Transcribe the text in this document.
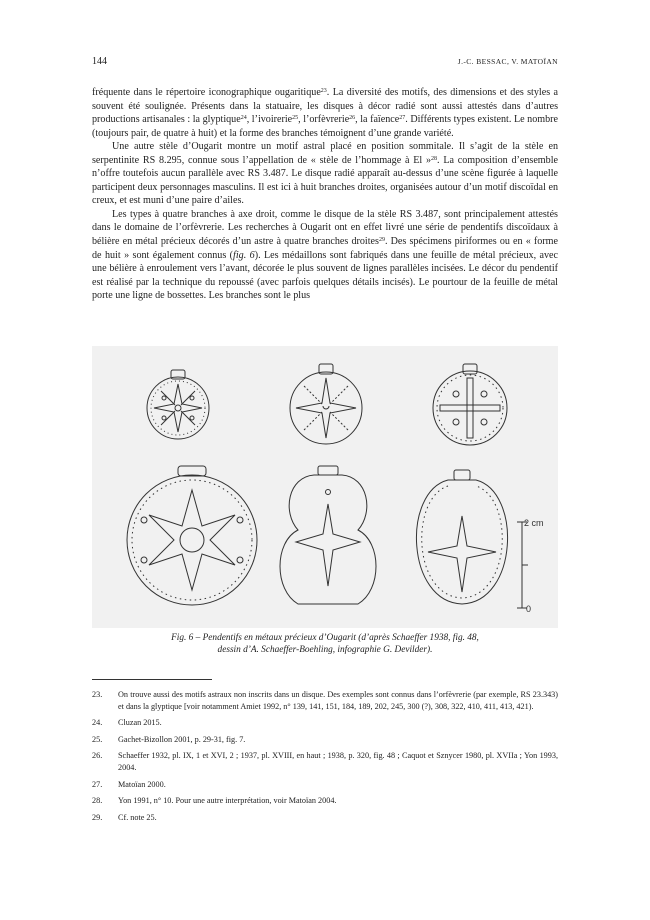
144	J.-C. BESSAC, V. MATOÏAN

fréquente dans le répertoire iconographique ougaritique$^{23}$. La diversité des motifs, des dimensions et des styles a souvent été soulignée. Présents dans la statuaire, les disques à décor radié sont aussi attestés dans d’autres productions artisanales : la glyptique$^{24}$, l’ivoirerie$^{25}$, l’orfèvrerie$^{26}$, la faïence$^{27}$. Différents types existent. Le nombre (toujours pair, de quatre à huit) et la forme des branches témoignent d’une grande variété.

Une autre stèle d’Ougarit montre un motif astral placé en position sommitale. Il s’agit de la stèle en serpentinite RS 8.295, connue sous l’appellation de « stèle de l’hommage à El »$^{28}$. La composition d’ensemble n’offre toutefois aucun parallèle avec RS 3.487. Le disque radié apparaît au-dessus d’une scène figurée à laquelle participent deux personnages masculins. Il est ici à huit branches droites, organisées autour d’un motif discoïdal en creux, et est muni d’une paire d’ailes.

Les types à quatre branches à axe droit, comme le disque de la stèle RS 3.487, sont principalement attestés dans le domaine de l’orfèvrerie. Les recherches à Ougarit ont en effet livré une série de pendentifs discoïdaux à bélière en métal précieux décorés d’un astre à quatre branches droites$^{29}$. Des spécimens piriformes ou en « forme de huit » sont également connus (fig. 6). Les médaillons sont fabriqués dans une feuille de métal précieux, avec une bélière à enroulement vers l’avant, décorée le plus souvent de lignes parallèles incisées. Le décor du pendentif est réalisé par la technique du repoussé (avec parfois quelques détails incisés). Le pourtour de la feuille de métal porte une ligne de bossettes. Les branches sont le plus

2 cm
0
Fig. 6 – Pendentifs en métaux précieux d’Ougarit (d’après Schaeffer 1938, fig. 48,
dessin d’A. Schaeffer-Boehling, infographie G. Devilder).
23.	On trouve aussi des motifs astraux non inscrits dans un disque. Des exemples sont connus dans l’orfèvrerie (par exemple, RS 23.343) et dans la glyptique [voir notamment Amiet 1992, n° 139, 141, 151, 184, 189, 202, 245, 300 (?), 308, 322, 410, 411, 413, 421).
24.	Cluzan 2015.
25.	Gachet-Bizollon 2001, p. 29-31, fig. 7.
26.	Schaeffer 1932, pl. IX, 1 et XVI, 2 ; 1937, pl. XVIII, en haut ; 1938, p. 320, fig. 48 ; Caquot et Sznycer 1980, pl. XVIIa ; Yon 1993, 2004.
27.	Matoïan 2000.
28.	Yon 1991, n° 10. Pour une autre interprétation, voir Matoïan 2004.
29.	Cf. note 25.
